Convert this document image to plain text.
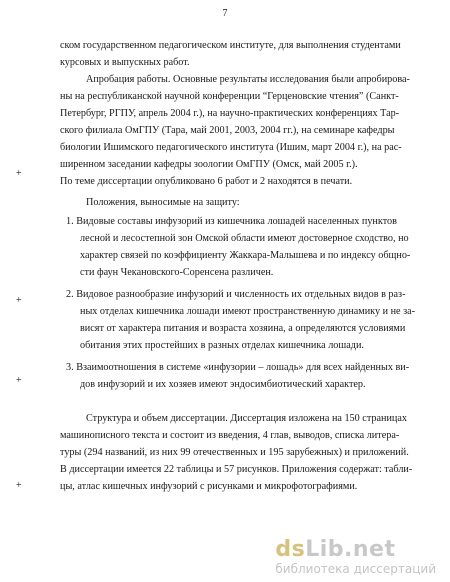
7
ском государственном педагогическом институте, для выполнения студентами
курсовых и выпускных работ.
Апробация работы. Основные результаты исследования были апробирова-
ны на республиканской научной конференции “Герценовские чтения” (Санкт-
Петербург, РГПУ, апрель 2004 г.), на научно-практических конференциях Тар-
ского филиала ОмГПУ (Тара, май 2001, 2003, 2004 гг.), на семинаре кафедры
биологии Ишимского педагогического института (Ишим, март 2004 г.), на рас-
ширенном заседании кафедры зоологии ОмГПУ (Омск, май 2005 г.).
По теме диссертации опубликовано 6 работ и 2 находятся в печати.
Положения, выносимые на защиту:
1. Видовые составы инфузорий из кишечника лошадей населенных пунктов
лесной и лесостепной зон Омской области имеют достоверное сходство, но
характер связей по коэффициенту Жаккара-Малышева и по индексу общно-
сти фаун Чекановского-Соренсена различен.
2. Видовое разнообразие инфузорий и численность их отдельных видов в раз-
ных отделах кишечника лошади имеют пространственную динамику и не за-
висят от характера питания и возраста хозяина, а определяются условиями
обитания этих простейших в разных отделах кишечника лошади.
3. Взаимоотношения в системе «инфузории – лошадь» для всех найденных ви-
дов инфузорий и их хозяев имеют эндосимбиотический характер.
Структура и объем диссертации. Диссертация изложена на 150 страницах
машинописного текста и состоит из введения, 4 глав, выводов, списка литера-
туры (294 названий, из них 99 отечественных и 195 зарубежных) и приложений.
В диссертации имеется 22 таблицы и 57 рисунков. Приложения содержат: табли-
цы, атлас кишечных инфузорий с рисунками и микрофотографиями.
+
+
+
+
dsLib.net
библиотека диссертаций
